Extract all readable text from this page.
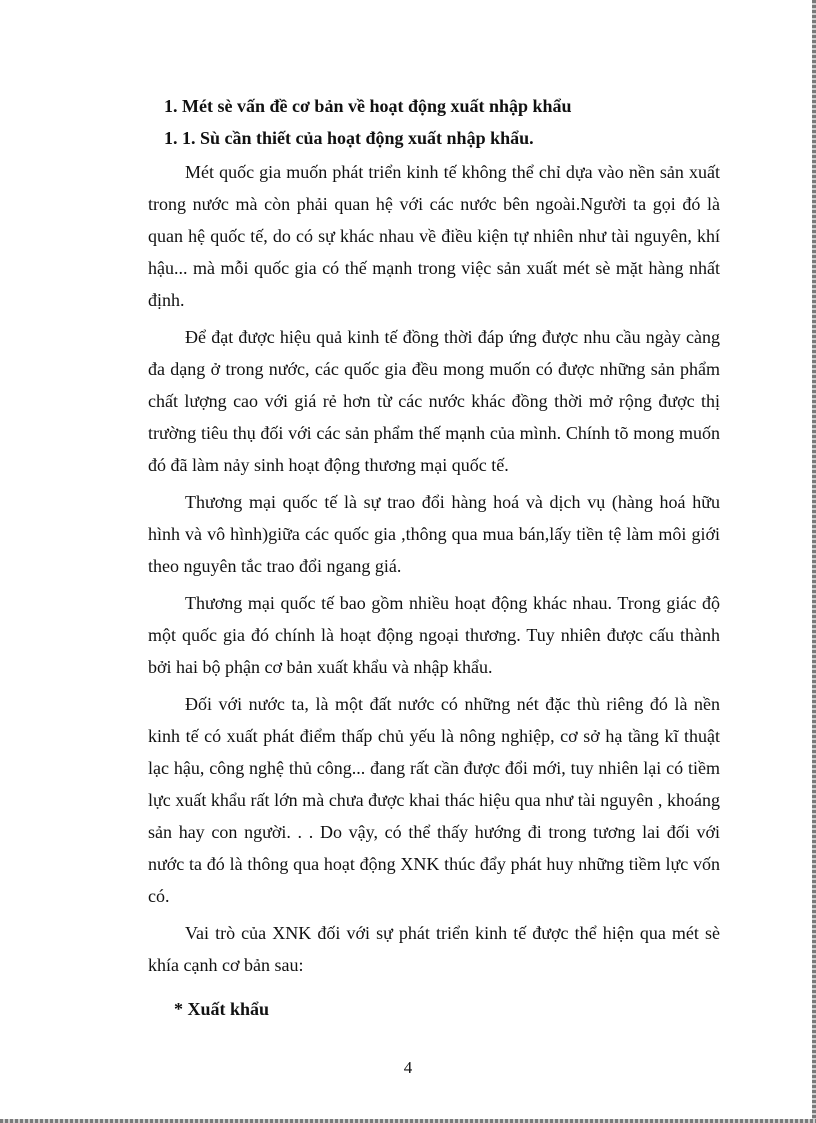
1. Mét sè vấn đề cơ bản về hoạt động xuất nhập khẩu
1. 1. Sù cần thiết của hoạt động xuất nhập khẩu.

Mét quốc gia muốn phát triển kinh tế không thể chỉ dựa vào nền sản xuất trong nước mà còn phải quan hệ với các nước bên ngoài.Người ta gọi đó là quan hệ quốc tế, do có sự khác nhau về điều kiện tự nhiên như tài nguyên, khí hậu... mà mỗi quốc gia có thế mạnh trong việc sản xuất mét sè mặt hàng nhất định.

Để đạt được hiệu quả kinh tế đồng thời đáp ứng được nhu cầu ngày càng đa dạng ở trong nước, các quốc gia đều mong muốn có được những sản phẩm chất lượng cao với giá rẻ hơn từ các nước khác đồng thời mở rộng được thị trường tiêu thụ đối với các sản phẩm thế mạnh của mình. Chính tõ mong muốn đó đã làm nảy sinh hoạt động thương mại quốc tế.

Thương mại quốc tế là sự trao đổi hàng hoá và dịch vụ (hàng hoá hữu hình và vô hình)giữa các quốc gia ,thông qua mua bán,lấy tiền tệ làm môi giới theo nguyên tắc trao đổi ngang giá.

Thương mại quốc tế bao gồm nhiều hoạt động khác nhau. Trong giác độ một quốc gia đó chính là hoạt động ngoại thương. Tuy nhiên được cấu thành bởi hai bộ phận cơ bản xuất khẩu và nhập khẩu.

Đối với nước ta, là một đất nước có những nét đặc thù riêng đó là nền kinh tế có xuất phát điểm thấp chủ yếu là nông nghiệp, cơ sở hạ tầng kĩ thuật lạc hậu, công nghệ thủ công... đang rất cần được đổi mới, tuy nhiên lại có tiềm lực xuất khẩu rất lớn mà chưa được khai thác hiệu qua như tài nguyên , khoáng sản hay con người. . . Do vậy, có thể thấy hướng đi trong tương lai đối với nước ta đó là thông qua hoạt động XNK thúc đẩy phát huy những tiềm lực vốn có.

Vai trò của XNK đối với sự phát triển kinh tế được thể hiện qua mét sè khía cạnh cơ bản sau:

* Xuất khẩu
4
